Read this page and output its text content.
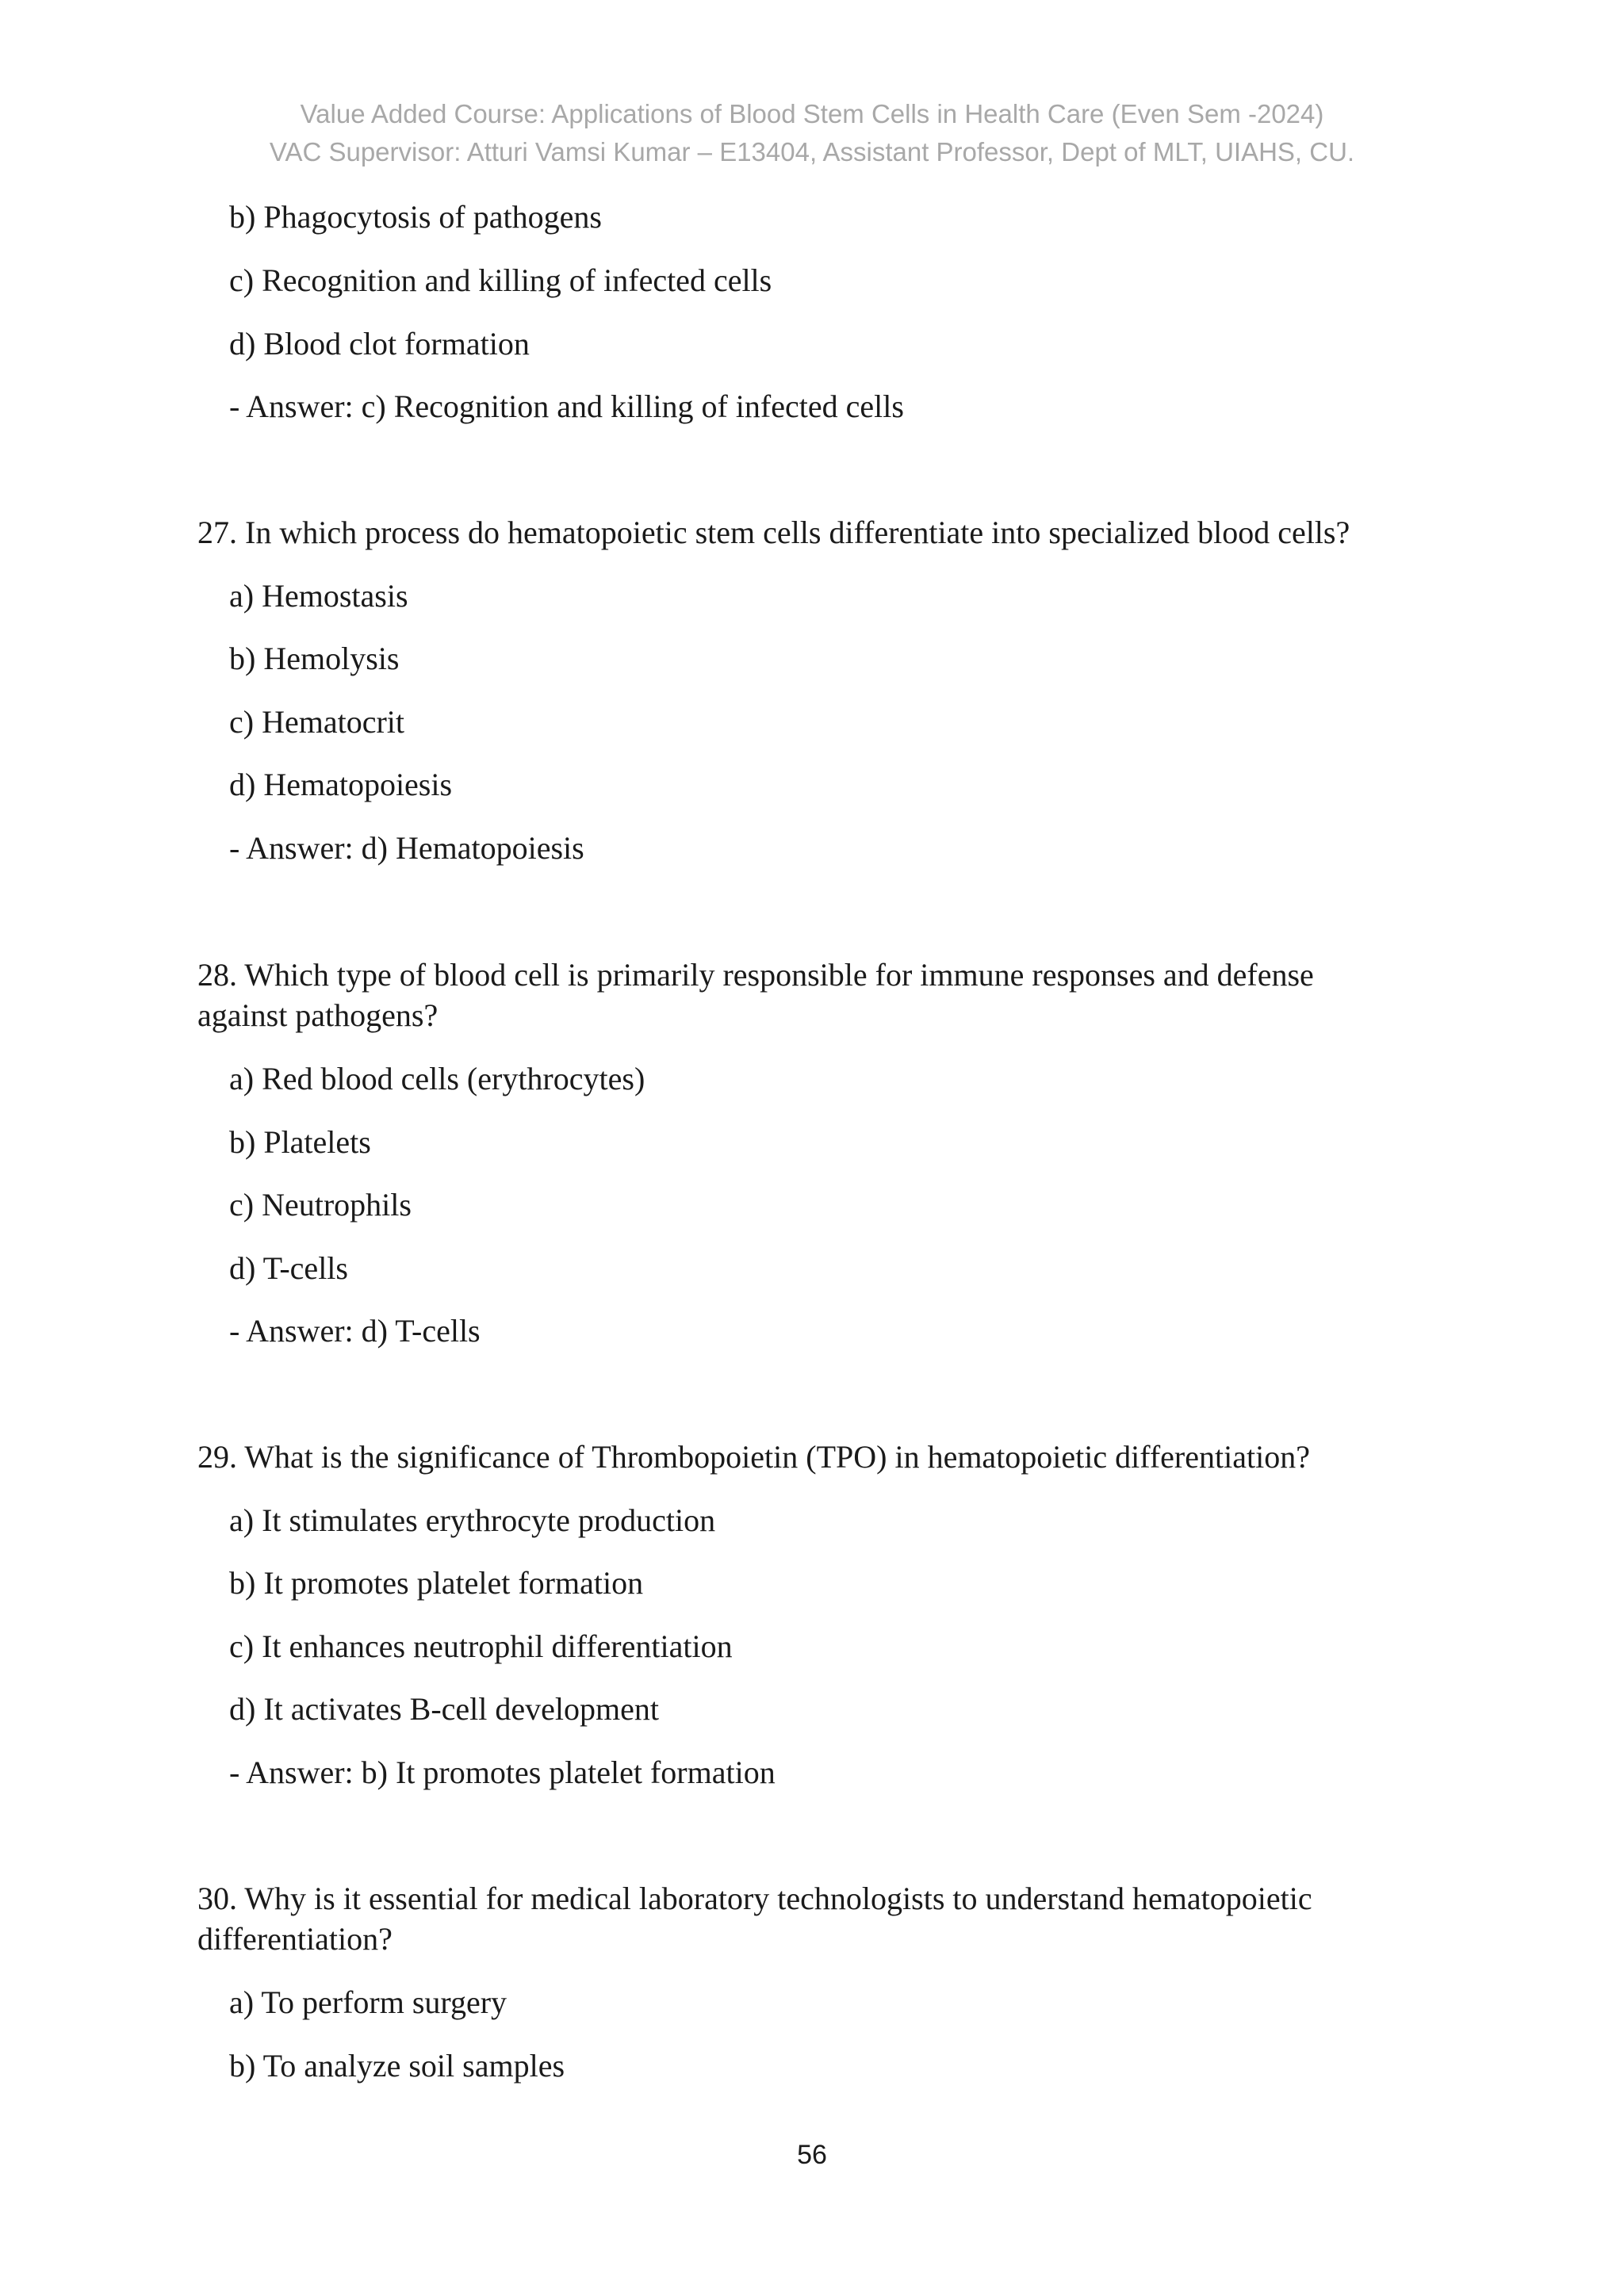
Value Added Course: Applications of Blood Stem Cells in Health Care (Even Sem -2024)
VAC Supervisor: Atturi Vamsi Kumar – E13404, Assistant Professor, Dept of MLT, UIAHS, CU.
b) Phagocytosis of pathogens
c) Recognition and killing of infected cells
d) Blood clot formation
- Answer: c) Recognition and killing of infected cells
27. In which process do hematopoietic stem cells differentiate into specialized blood cells?
a) Hemostasis
b) Hemolysis
c) Hematocrit
d) Hematopoiesis
- Answer: d) Hematopoiesis
28. Which type of blood cell is primarily responsible for immune responses and defense
against pathogens?
a) Red blood cells (erythrocytes)
b) Platelets
c) Neutrophils
d) T-cells
- Answer: d) T-cells
29. What is the significance of Thrombopoietin (TPO) in hematopoietic differentiation?
a) It stimulates erythrocyte production
b) It promotes platelet formation
c) It enhances neutrophil differentiation
d) It activates B-cell development
- Answer: b) It promotes platelet formation
30. Why is it essential for medical laboratory technologists to understand hematopoietic
differentiation?
a) To perform surgery
b) To analyze soil samples
56
